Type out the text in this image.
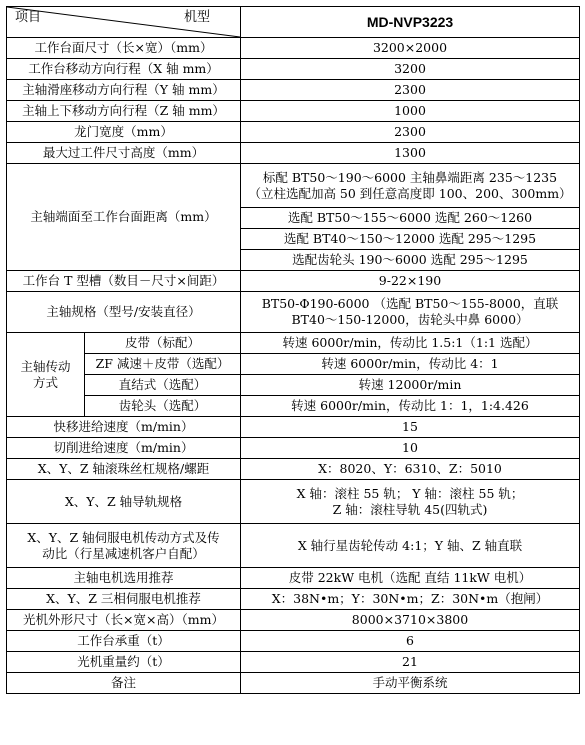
项目 机型		MD-NVP3223
工作台面尺寸（长×宽）（mm）		3200×2000
工作台移动方向行程（X 轴 mm）		3200
主轴滑座移动方向行程（Y 轴 mm）		2300
主轴上下移动方向行程（Z 轴 mm）		1000
龙门宽度（mm）		2300
最大过工件尺寸高度（mm）		1300
主轴端面至工作台面距离（mm）		标配 BT50～190～6000 主轴鼻端距离 235～1235
（立柱选配加高 50 到任意高度即 100、200、300mm）

		选配 BT50～155～6000 选配 260～1260
		选配 BT40～150～12000 选配 295～1295
		选配齿轮头 190～6000 选配 295～1295
工作台 T 型槽（数目－尺寸×间距）		9-22×190
主轴规格（型号/安装直径）		BT50-Φ190-6000 （选配 BT50～155-8000，直联
BT40～150-12000，齿轮头中鼻 6000）

主轴传动
方式	皮带（标配）	转速 6000r/min，传动比 1.5:1（1:1 选配）
	ZF 减速＋皮带（选配）	转速 6000r/min，传动比 4：1
	直结式（选配）	转速 12000r/min
	齿轮头（选配）	转速 6000r/min，传动比 1：1，1:4.426
快移进给速度（m/min）		15
切削进给速度（m/min）		10
X、Y、Z 轴滚珠丝杠规格/螺距		X：8020、Y：6310、Z：5010
X、Y、Z 轴导轨规格		X 轴：滚柱 55 轨； Y 轴：滚柱 55 轨；
Z 轴：滚柱导轨 45(四轨式)

X、Y、Z 轴伺服电机传动方式及传
动比（行星减速机客户自配）		X 轴行星齿轮传动 4:1；Y 轴、Z 轴直联
主轴电机选用推荐		皮带 22kW 电机（选配 直结 11kW 电机）
X、Y、Z 三相伺服电机推荐		X：38N•m；Y：30N•m；Z：30N•m（抱闸）
光机外形尺寸（长×宽×高）（mm）		8000×3710×3800
工作台承重（t）		6
光机重量约（t）		21
备注		手动平衡系统
